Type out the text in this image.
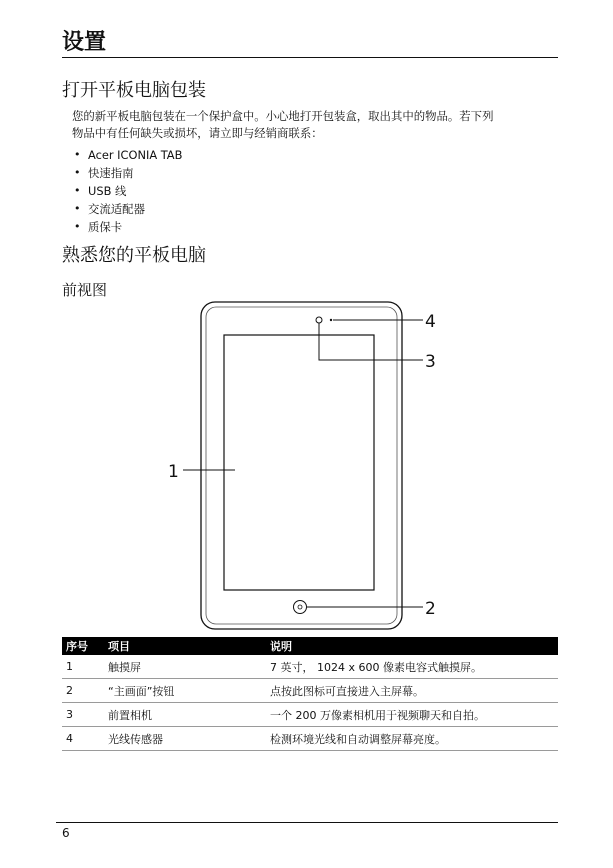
设置
打开平板电脑包装
您的新平板电脑包装在一个保护盒中。小心地打开包装盒，取出其中的物品。若下列
物品中有任何缺失或损坏，请立即与经销商联系：
• Acer ICONIA TAB
• 快速指南
• USB 线
• 交流适配器
• 质保卡
熟悉您的平板电脑
前视图
1
2
3
4
序号	项目	说明
1	触摸屏	7 英寸， 1024 x 600 像素电容式触摸屏。
2	“主画面”按钮	点按此图标可直接进入主屏幕。
3	前置相机	一个 200 万像素相机用于视频聊天和自拍。
4	光线传感器	检测环境光线和自动调整屏幕亮度。
6
